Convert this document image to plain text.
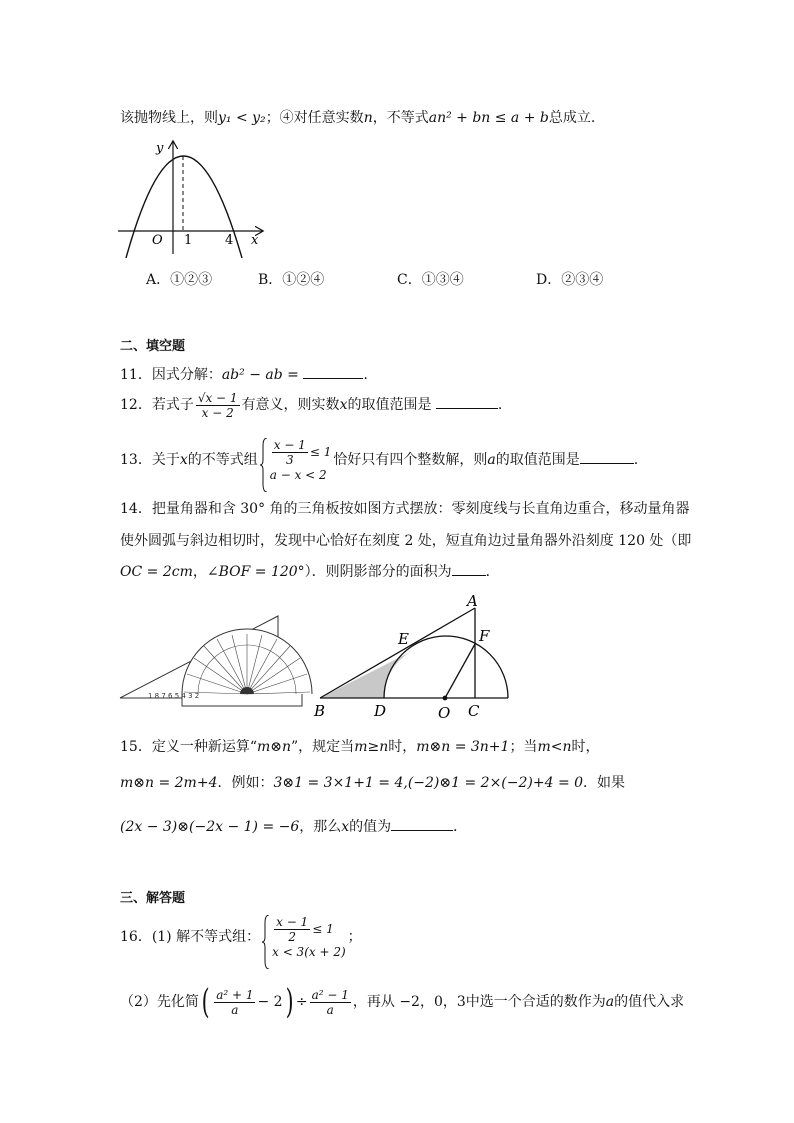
该抛物线上，则y₁ < y₂；④对任意实数n，不等式an² + bn ≤ a + b总成立.
y
x
O 1	4
A．①②③	B．①②④	C．①③④	D．②③④
二、填空题
11．因式分解：ab² − ab =	.
12．若式子 $\frac{√x - 1}{x - 2}$ 有意义，则实数x的取值范围是	.
13．关于x的不等式组 $\frac{x - 1}{3} \le 1$
a − x < 2
恰好只有四个整数解，则a的取值范围是	.
14．把量角器和含 30° 角的三角板按如图方式摆放：零刻度线与长直角边重合，移动量角器
使外圆弧与斜边相切时，发现中心恰好在刻度 2 处，短直角边过量角器外沿刻度 120 处（即
OC = 2cm，∠BOF = 120°）．则阴影部分的面积为 ．
1 8 7 6 5 4 3 2
A
E	F
B	D	O C
15．定义一种新运算“m⊗n”，规定当m≥n时，m⊗n = 3n+1；当m<n时，
m⊗n = 2m+4．例如：3⊗1 = 3×1+1 = 4,(−2)⊗1 = 2×(−2)+4 = 0．如果
(2x − 3)⊗(−2x − 1) = −6，那么x的值为	．
三、解答题
16．(1) 解不等式组： $\frac{x - 1}{2} \le 1$
x < 3(x + 2)
；
（2）先化简( $\frac{\text{a² + 1}}{a} - 2) \div \frac{\text{a² − 1}}{a}$ ，再从 −2，0，3中选一个合适的数作为a的值代入求
